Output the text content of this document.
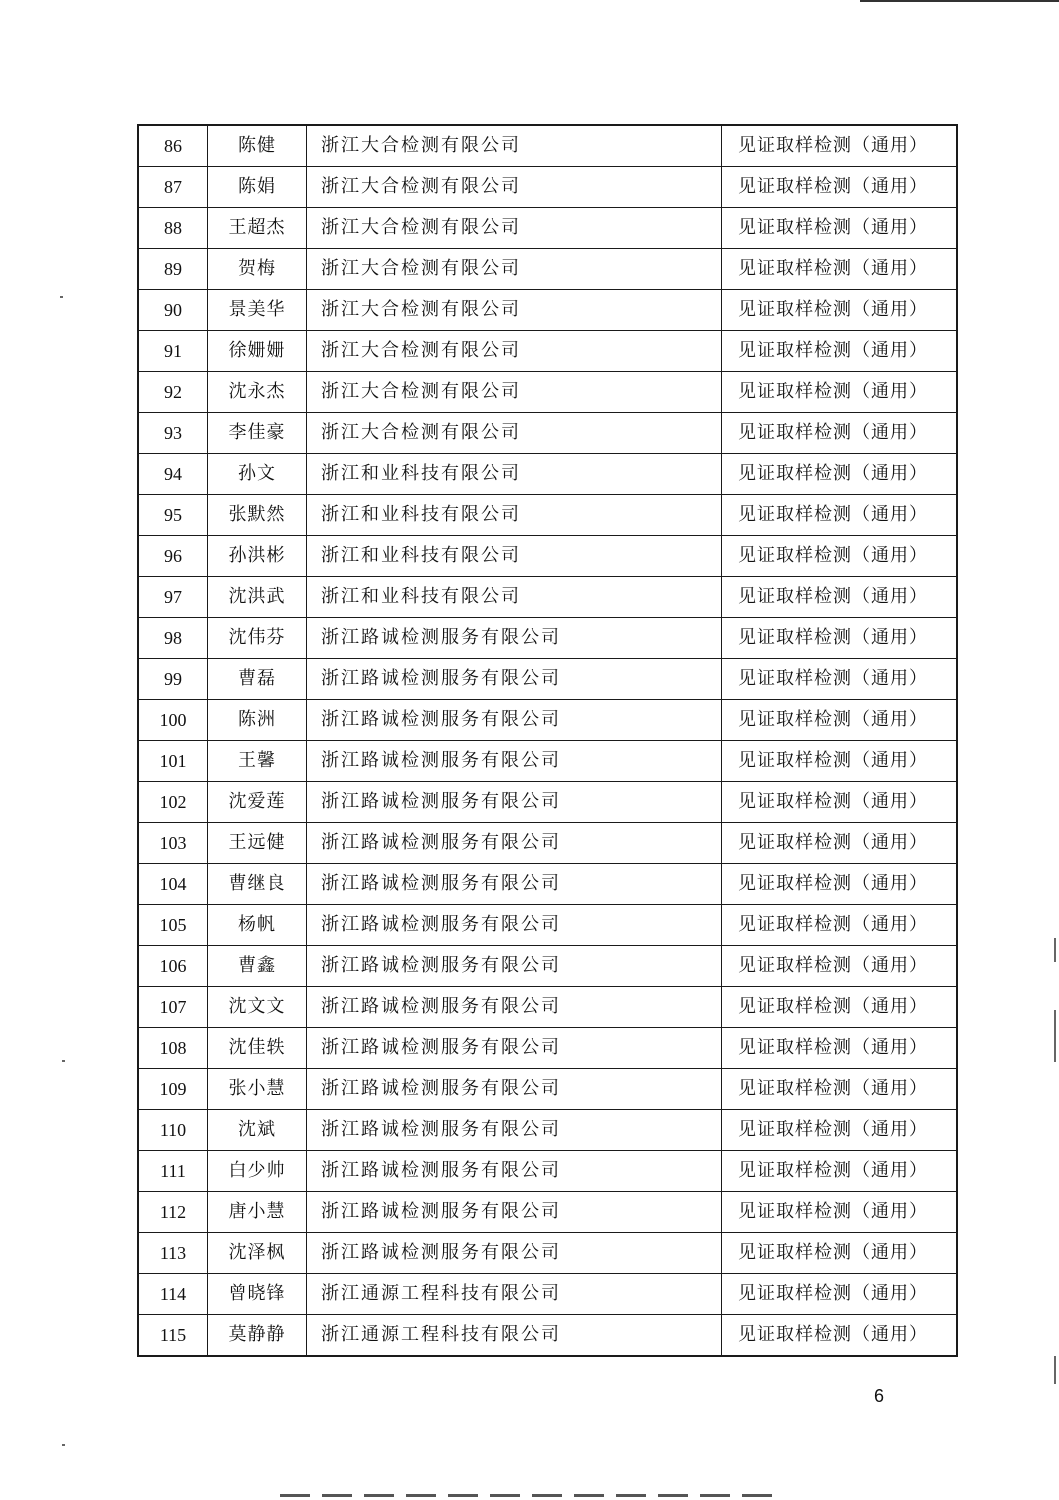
86	陈健	浙江大合检测有限公司	见证取样检测（通用）
87	陈娟	浙江大合检测有限公司	见证取样检测（通用）
88	王超杰	浙江大合检测有限公司	见证取样检测（通用）
89	贺梅	浙江大合检测有限公司	见证取样检测（通用）
90	景美华	浙江大合检测有限公司	见证取样检测（通用）
91	徐姗姗	浙江大合检测有限公司	见证取样检测（通用）
92	沈永杰	浙江大合检测有限公司	见证取样检测（通用）
93	李佳豪	浙江大合检测有限公司	见证取样检测（通用）
94	孙文	浙江和业科技有限公司	见证取样检测（通用）
95	张默然	浙江和业科技有限公司	见证取样检测（通用）
96	孙洪彬	浙江和业科技有限公司	见证取样检测（通用）
97	沈洪武	浙江和业科技有限公司	见证取样检测（通用）
98	沈伟芬	浙江路诚检测服务有限公司	见证取样检测（通用）
99	曹磊	浙江路诚检测服务有限公司	见证取样检测（通用）
100	陈洲	浙江路诚检测服务有限公司	见证取样检测（通用）
101	王馨	浙江路诚检测服务有限公司	见证取样检测（通用）
102	沈爱莲	浙江路诚检测服务有限公司	见证取样检测（通用）
103	王远健	浙江路诚检测服务有限公司	见证取样检测（通用）
104	曹继良	浙江路诚检测服务有限公司	见证取样检测（通用）
105	杨帆	浙江路诚检测服务有限公司	见证取样检测（通用）
106	曹鑫	浙江路诚检测服务有限公司	见证取样检测（通用）
107	沈文文	浙江路诚检测服务有限公司	见证取样检测（通用）
108	沈佳轶	浙江路诚检测服务有限公司	见证取样检测（通用）
109	张小慧	浙江路诚检测服务有限公司	见证取样检测（通用）
110	沈斌	浙江路诚检测服务有限公司	见证取样检测（通用）
111	白少帅	浙江路诚检测服务有限公司	见证取样检测（通用）
112	唐小慧	浙江路诚检测服务有限公司	见证取样检测（通用）
113	沈泽枫	浙江路诚检测服务有限公司	见证取样检测（通用）
114	曾晓锋	浙江通源工程科技有限公司	见证取样检测（通用）
115	莫静静	浙江通源工程科技有限公司	见证取样检测（通用）
6
